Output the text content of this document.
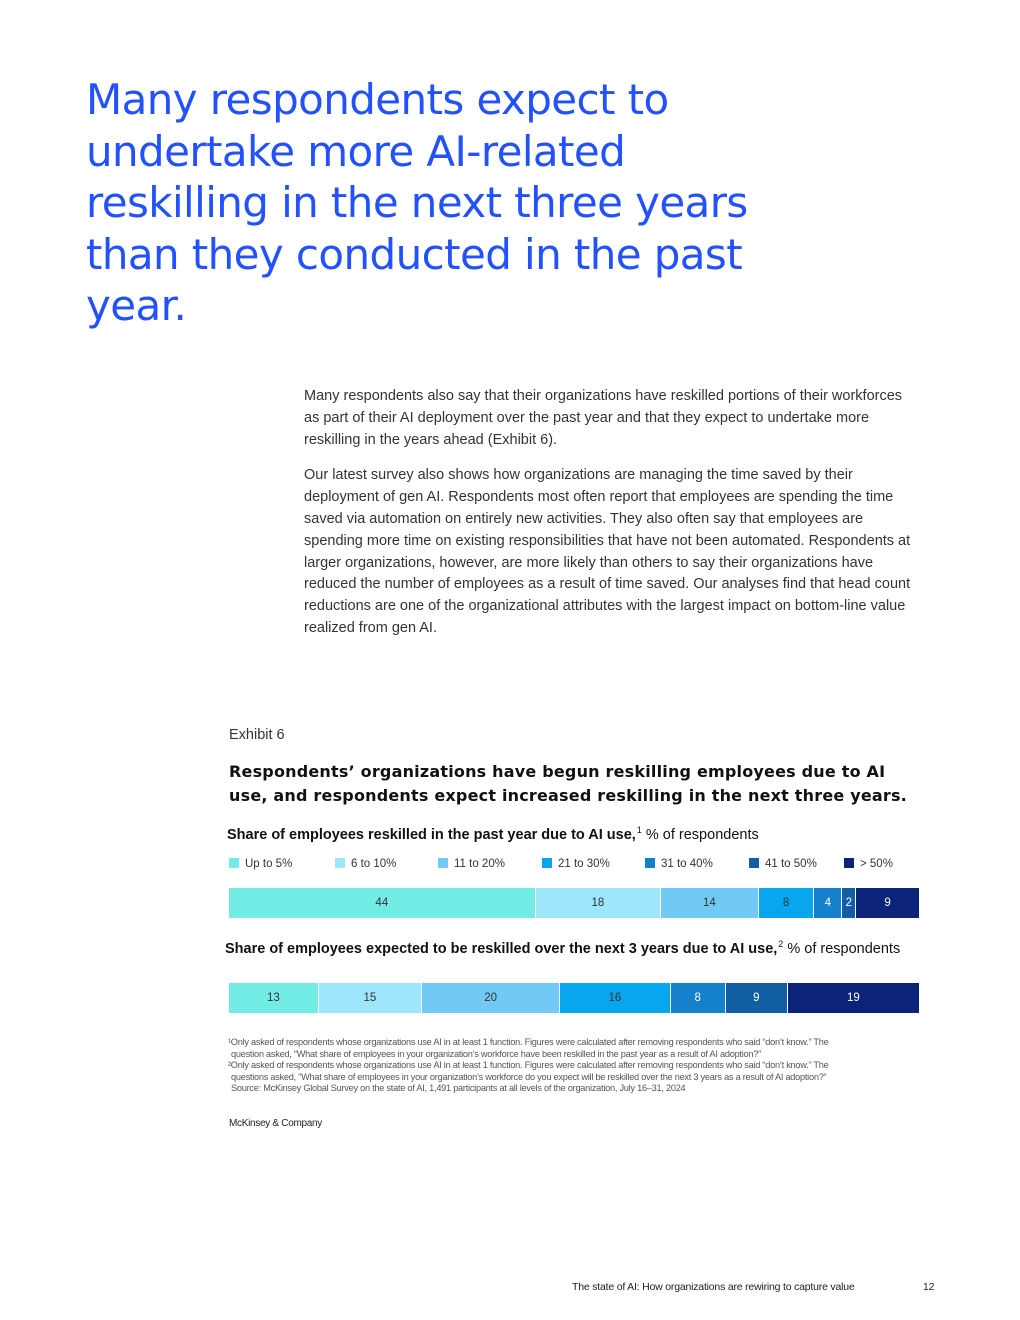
Many respondents expect to undertake more AI-related reskilling in the next three years than they conducted in the past year.

Many respondents also say that their organizations have reskilled portions of their workforces as part of their AI deployment over the past year and that they expect to undertake more reskilling in the years ahead (Exhibit 6).

Our latest survey also shows how organizations are managing the time saved by their deployment of gen AI. Respondents most often report that employees are spending the time saved via automation on entirely new activities. They also often say that employees are spending more time on existing responsibilities that have not been automated. Respondents at larger organizations, however, are more likely than others to say their organizations have reduced the number of employees as a result of time saved. Our analyses find that head count reductions are one of the organizational attributes with the largest impact on bottom-line value realized from gen AI.

Exhibit 6
Respondents’ organizations have begun reskilling employees due to AI use, and respondents expect increased reskilling in the next three years.
Share of employees reskilled in the past year due to AI use,$^1$ % of respondents
Up to 5%	6 to 10%	11 to 20%	21 to 30%	31 to 40%	41 to 50%	> 50%
44	18	14	8	4 2	9
Share of employees expected to be reskilled over the next 3 years due to AI use,$^2$ % of respondents
13	15	20	16	8	9	19
¹Only asked of respondents whose organizations use AI in at least 1 function. Figures were calculated after removing respondents who said “don’t know.” The
question asked, “What share of employees in your organization’s workforce have been reskilled in the past year as a result of AI adoption?”
²Only asked of respondents whose organizations use AI in at least 1 function. Figures were calculated after removing respondents who said “don’t know.” The
questions asked, “What share of employees in your organization’s workforce do you expect will be reskilled over the next 3 years as a result of AI adoption?”
Source: McKinsey Global Survey on the state of AI, 1,491 participants at all levels of the organization, July 16–31, 2024
McKinsey & Company
The state of AI: How organizations are rewiring to capture value	12
